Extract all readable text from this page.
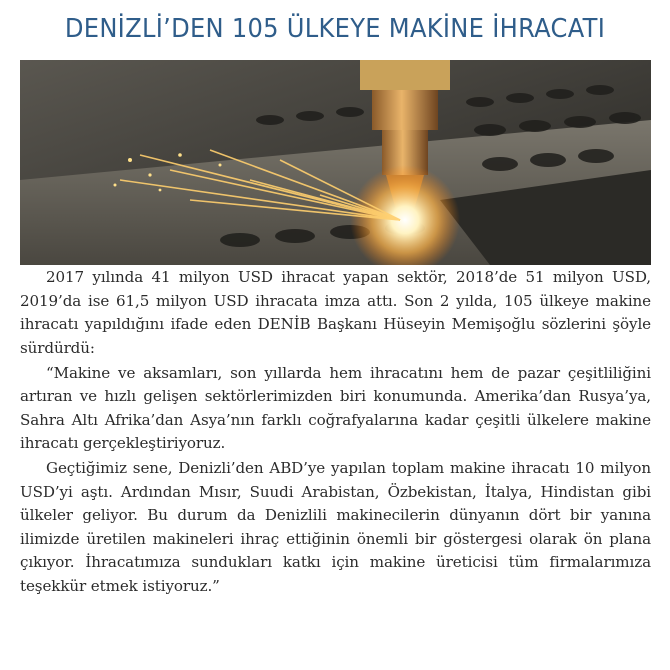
DENİZLİ’DEN 105 ÜLKEYE MAKİNE İHRACATI

2017 yılında 41 milyon USD ihracat yapan sektör, 2018’de 51 milyon USD, 2019’da ise 61,5 milyon USD ihracata imza attı. Son 2 yılda, 105 ülkeye makine ihracatı yapıldığını ifade eden DENİB Başkanı Hüseyin Memişoğlu sözlerini şöyle sürdürdü:

“Makine ve aksamları, son yıllarda hem ihracatını hem de pazar çeşitliliğini artıran ve hızlı gelişen sektörlerimizden biri konumunda. Amerika’dan Rusya’ya, Sahra Altı Afrika’dan Asya’nın farklı coğrafyalarına kadar çeşitli ülkelere makine ihracatı gerçekleştiriyoruz.

Geçtiğimiz sene, Denizli’den ABD’ye yapılan toplam makine ihracatı 10 milyon USD’yi aştı. Ardından Mısır, Suudi Arabistan, Özbekistan, İtalya, Hindistan gibi ülkeler geliyor. Bu durum da Denizlili makinecilerin dünyanın dört bir yanına ilimizde üretilen makineleri ihraç ettiğinin önemli bir göstergesi olarak ön plana çıkıyor. İhracatımıza sundukları katkı için makine üreticisi tüm firmalarımıza teşekkür etmek istiyoruz.”
